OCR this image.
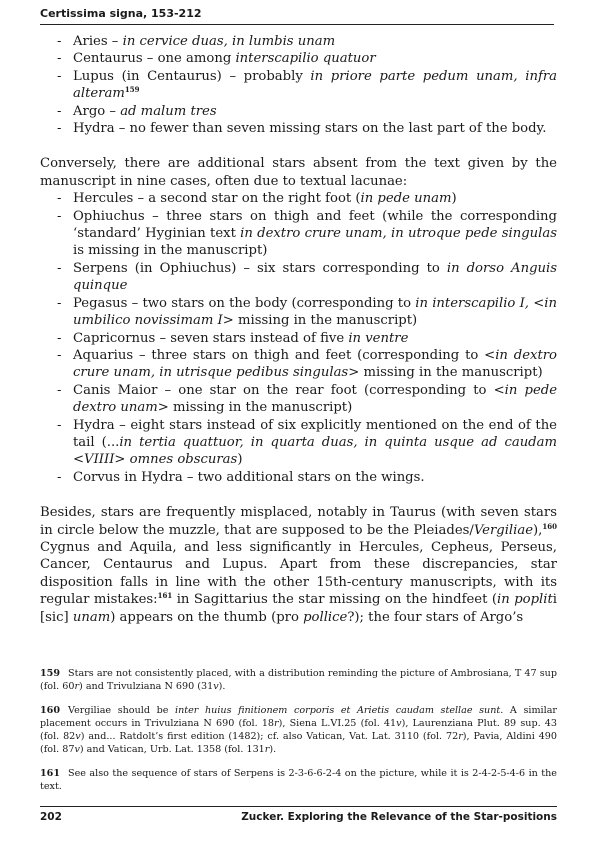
Certissima signa, 153-212
- Aries – in cervice duas, in lumbis unam
- Centaurus – one among interscapilio quatuor
- Lupus (in Centaurus) – probably in priore parte pedum unam, infra alteram$^{159}$
- Argo – ad malum tres
- Hydra – no fewer than seven missing stars on the last part of the body.

Conversely, there are additional stars absent from the text given by the manuscript in nine cases, often due to textual lacunae:

- Hercules – a second star on the right foot (in pede unam)
- Ophiuchus – three stars on thigh and feet (while the corresponding ‘standard’ Hyginian text in dextro crure unam, in utroque pede singulas is missing in the manuscript)
- Serpens (in Ophiuchus) – six stars corresponding to in dorso Anguis quinque
- Pegasus – two stars on the body (corresponding to in interscapilio I, <in umbilico novissimam I> missing in the manuscript)
- Capricornus – seven stars instead of five in ventre
- Aquarius – three stars on thigh and feet (corresponding to <in dextro crure unam, in utrisque pedibus singulas> missing in the manuscript)
- Canis Maior – one star on the rear foot (corresponding to <in pede dextro unam> missing in the manuscript)
- Hydra – eight stars instead of six explicitly mentioned on the end of the tail (...in tertia quattuor, in quarta duas, in quinta usque ad caudam <VIIII> omnes obscuras)
- Corvus in Hydra – two additional stars on the wings.

Besides, stars are frequently misplaced, notably in Taurus (with seven stars in circle below the muzzle, that are supposed to be the Pleiades/Vergiliae),$^{160}$ Cygnus and Aquila, and less significantly in Hercules, Cepheus, Perseus, Cancer, Centaurus and Lupus. Apart from these discrepancies, star disposition falls in line with the other 15th-century manuscripts, with its regular mistakes:$^{161}$ in Sagittarius the star missing on the hindfeet (in popliti [sic] unam) appears on the thumb (pro pollice?); the four stars of Argo’s

159 Stars are not consistently placed, with a distribution reminding the picture of Ambrosiana, T 47 sup (fol. 60r) and Trivulziana N 690 (31v).

160 Vergiliae should be inter huius finitionem corporis et Arietis caudam stellae sunt. A similar placement occurs in Trivulziana N 690 (fol. 18r), Siena L.VI.25 (fol. 41v), Laurenziana Plut. 89 sup. 43 (fol. 82v) and... Ratdolt’s first edition (1482); cf. also Vatican, Vat. Lat. 3110 (fol. 72r), Pavia, Aldini 490 (fol. 87v) and Vatican, Urb. Lat. 1358 (fol. 131r).

161 See also the sequence of stars of Serpens is 2-3-6-6-2-4 on the picture, while it is 2-4-2-5-4-6 in the text.

202	Zucker. Exploring the Relevance of the Star-positions
